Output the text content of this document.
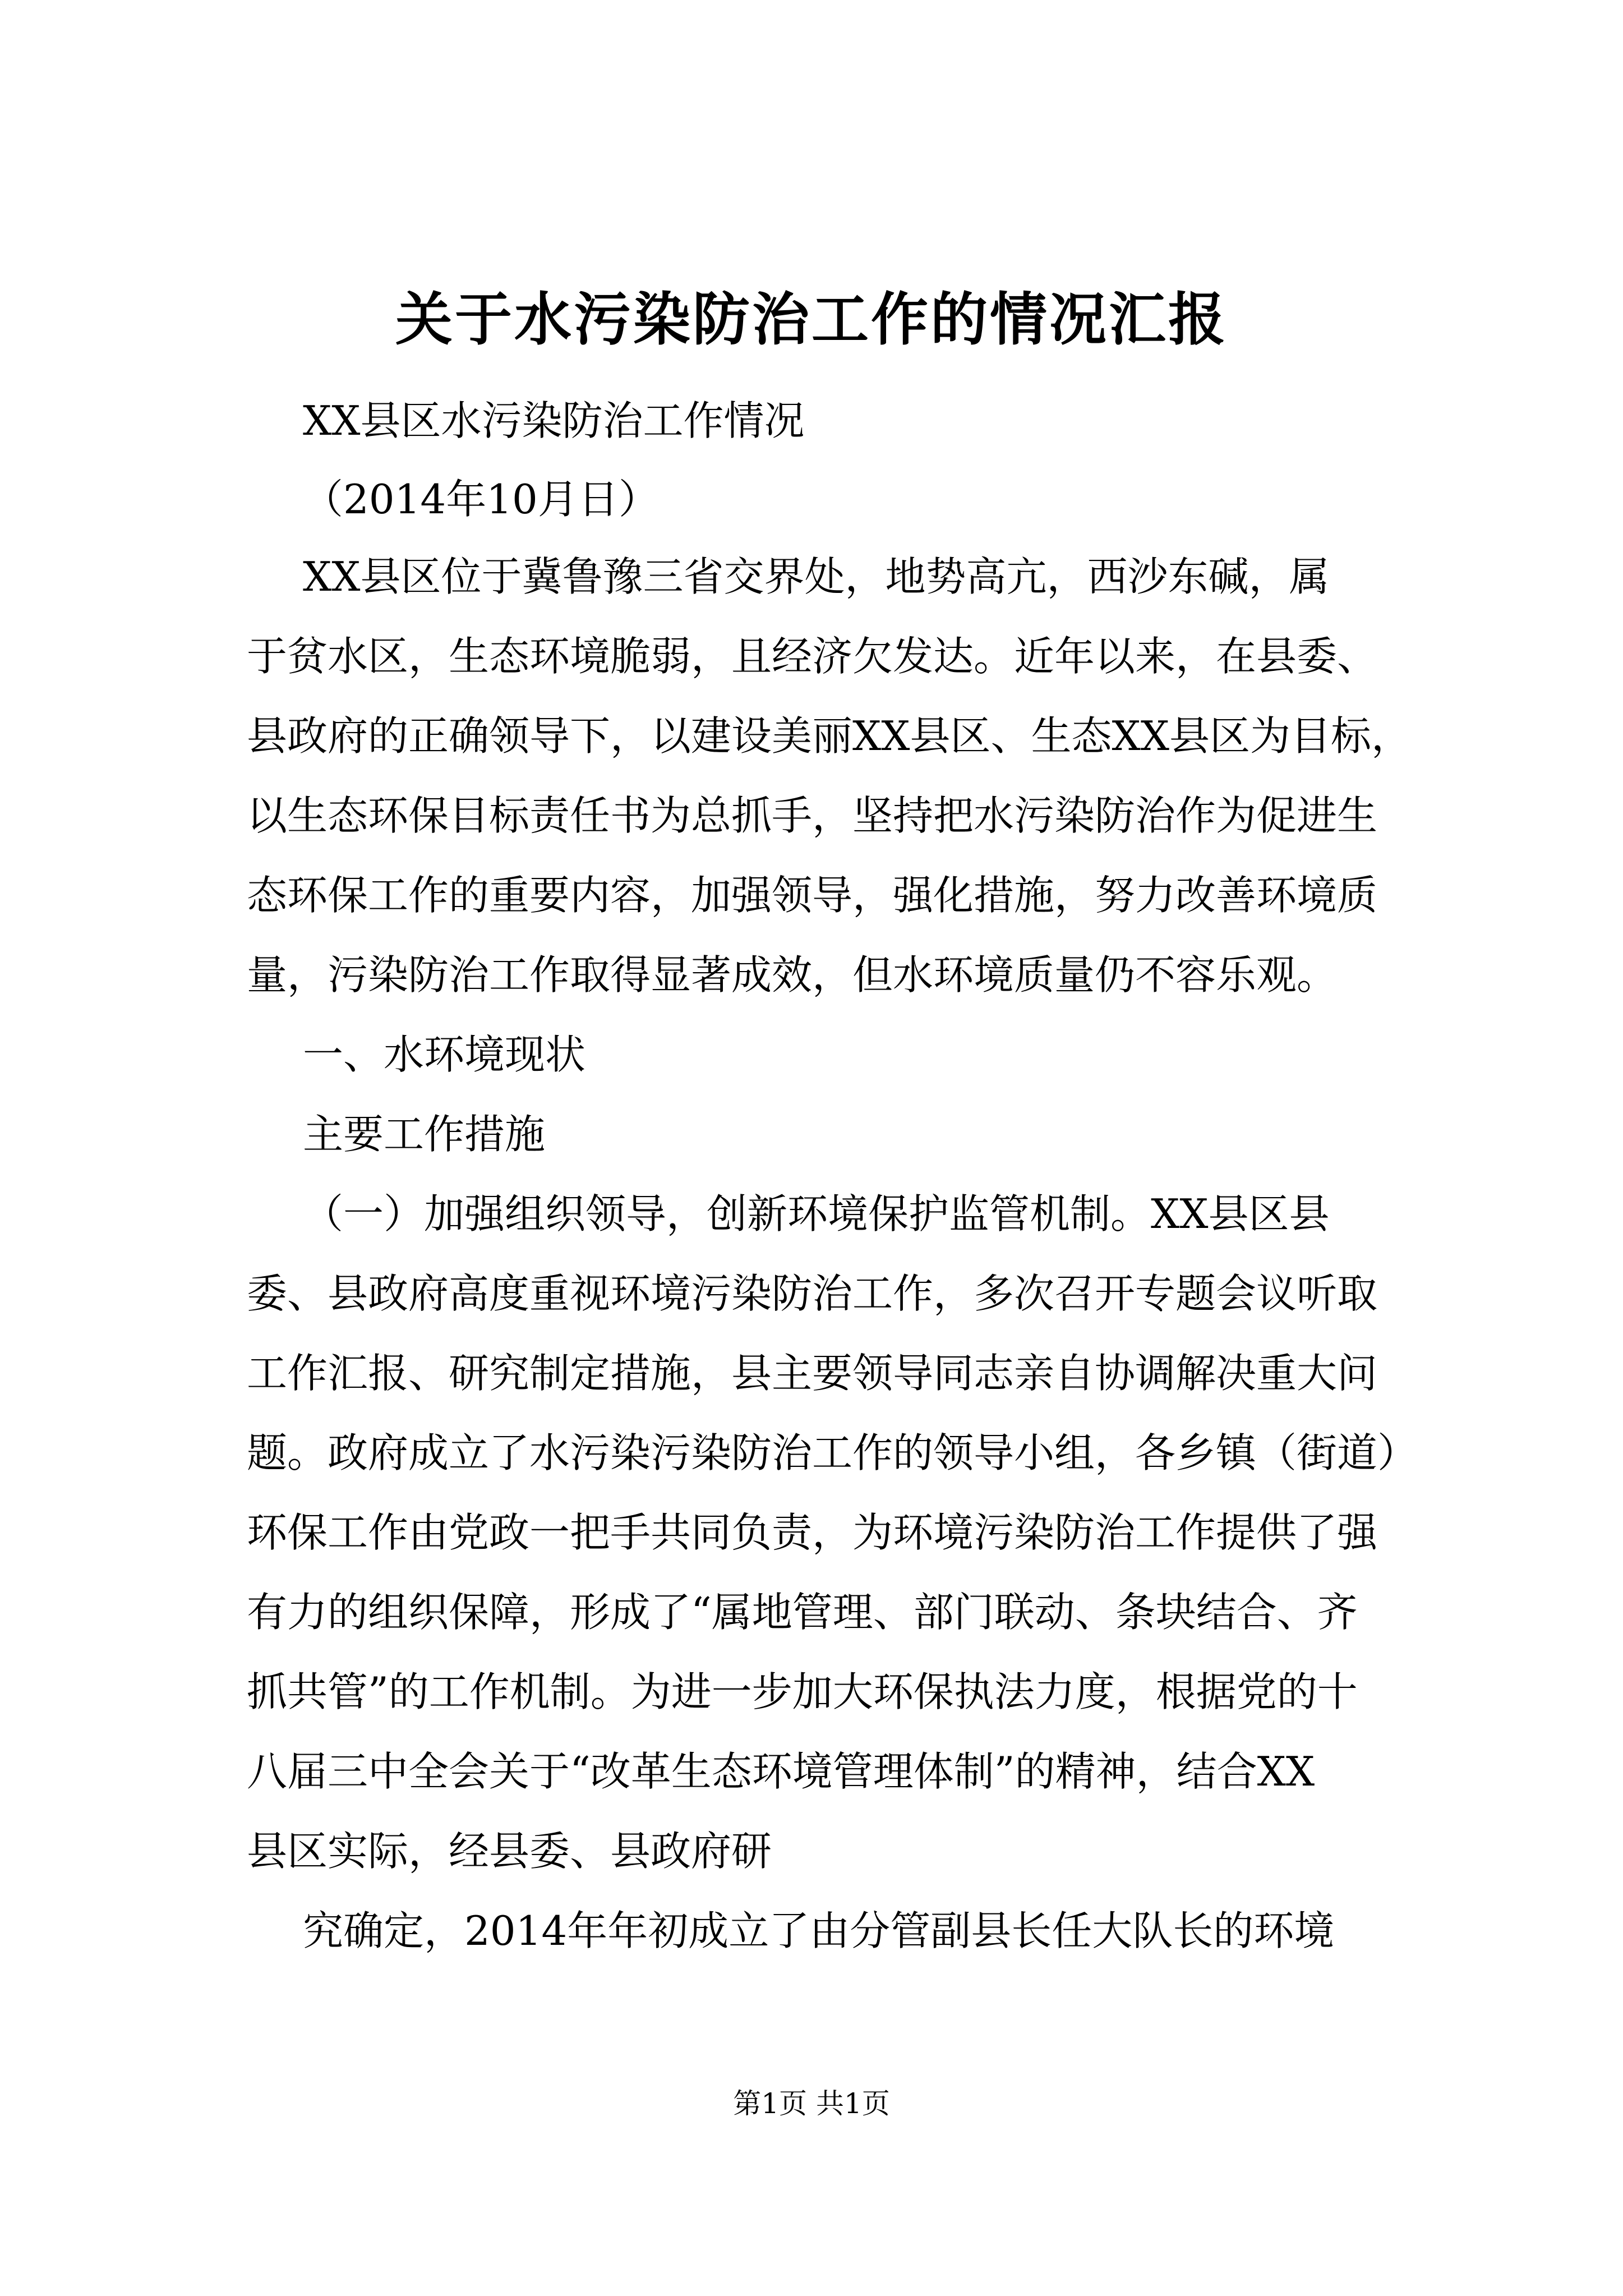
关于水污染防治工作的情况汇报

XX县区水污染防治工作情况

（2014年10月日）

XX县区位于冀鲁豫三省交界处，地势高亢，西沙东碱，属

于贫水区，生态环境脆弱，且经济欠发达。近年以来，在县委、

县政府的正确领导下，以建设美丽XX县区、生态XX县区为目标，

以生态环保目标责任书为总抓手，坚持把水污染防治作为促进生

态环保工作的重要内容，加强领导，强化措施，努力改善环境质

量，污染防治工作取得显著成效，但水环境质量仍不容乐观。

一、水环境现状

主要工作措施

（一）加强组织领导，创新环境保护监管机制。XX县区县

委、县政府高度重视环境污染防治工作，多次召开专题会议听取

工作汇报、研究制定措施，县主要领导同志亲自协调解决重大问

题。政府成立了水污染污染防治工作的领导小组，各乡镇（街道）

环保工作由党政一把手共同负责，为环境污染防治工作提供了强

有力的组织保障，形成了“属地管理、部门联动、条块结合、齐

抓共管”的工作机制。为进一步加大环保执法力度，根据党的十

八届三中全会关于“改革生态环境管理体制”的精神，结合XX

县区实际，经县委、县政府研

究确定，2014年年初成立了由分管副县长任大队长的环境

第1页 共1页
